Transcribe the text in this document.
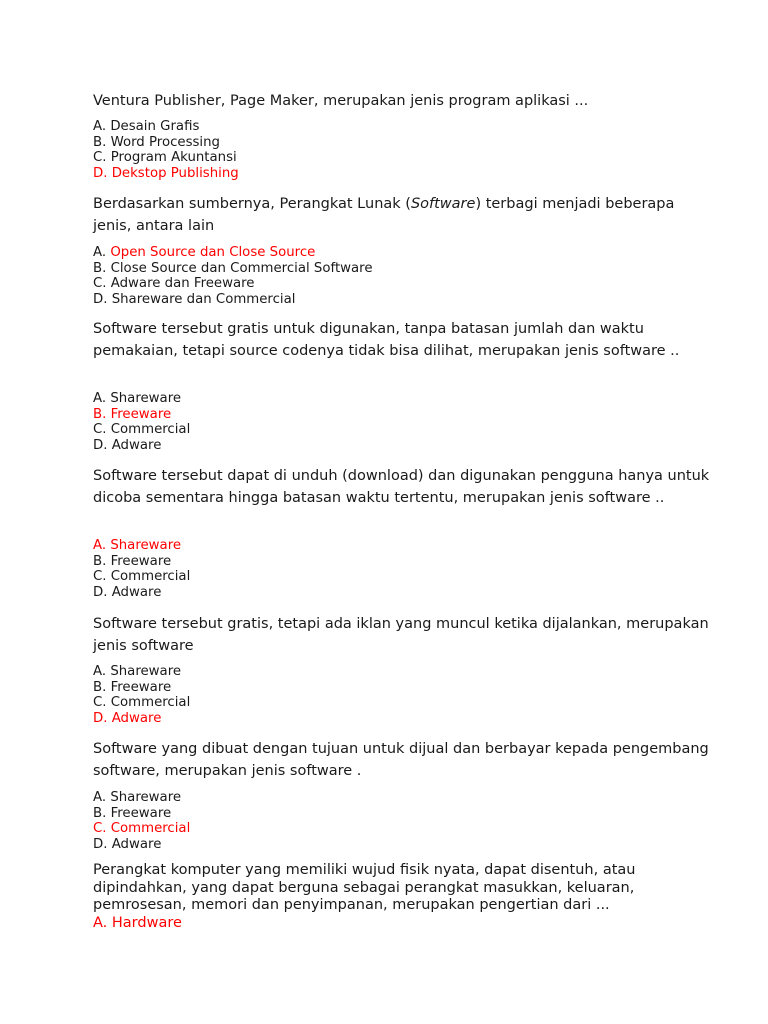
Ventura Publisher, Page Maker, merupakan jenis program aplikasi ...

A. Desain Grafis
B. Word Processing
C. Program Akuntansi
D. Dekstop Publishing

Berdasarkan sumbernya, Perangkat Lunak (Software) terbagi menjadi beberapa jenis, antara lain

A. Open Source dan Close Source
B. Close Source dan Commercial Software
C. Adware dan Freeware
D. Shareware dan Commercial

Software tersebut gratis untuk digunakan, tanpa batasan jumlah dan waktu pemakaian, tetapi source codenya tidak bisa dilihat, merupakan jenis software ..

A. Shareware
B. Freeware
C. Commercial
D. Adware

Software tersebut dapat di unduh (download) dan digunakan pengguna hanya untuk dicoba sementara hingga batasan waktu tertentu, merupakan jenis software ..

A. Shareware
B. Freeware
C. Commercial
D. Adware

Software tersebut gratis, tetapi ada iklan yang muncul ketika dijalankan, merupakan jenis software

A. Shareware
B. Freeware
C. Commercial
D. Adware

Software yang dibuat dengan tujuan untuk dijual dan berbayar kepada pengembang software, merupakan jenis software .

A. Shareware
B. Freeware
C. Commercial
D. Adware
Perangkat komputer yang memiliki wujud fisik nyata, dapat disentuh, atau dipindahkan, yang dapat berguna sebagai perangkat masukkan, keluaran, pemrosesan, memori dan penyimpanan, merupakan pengertian dari ...
A. Hardware
